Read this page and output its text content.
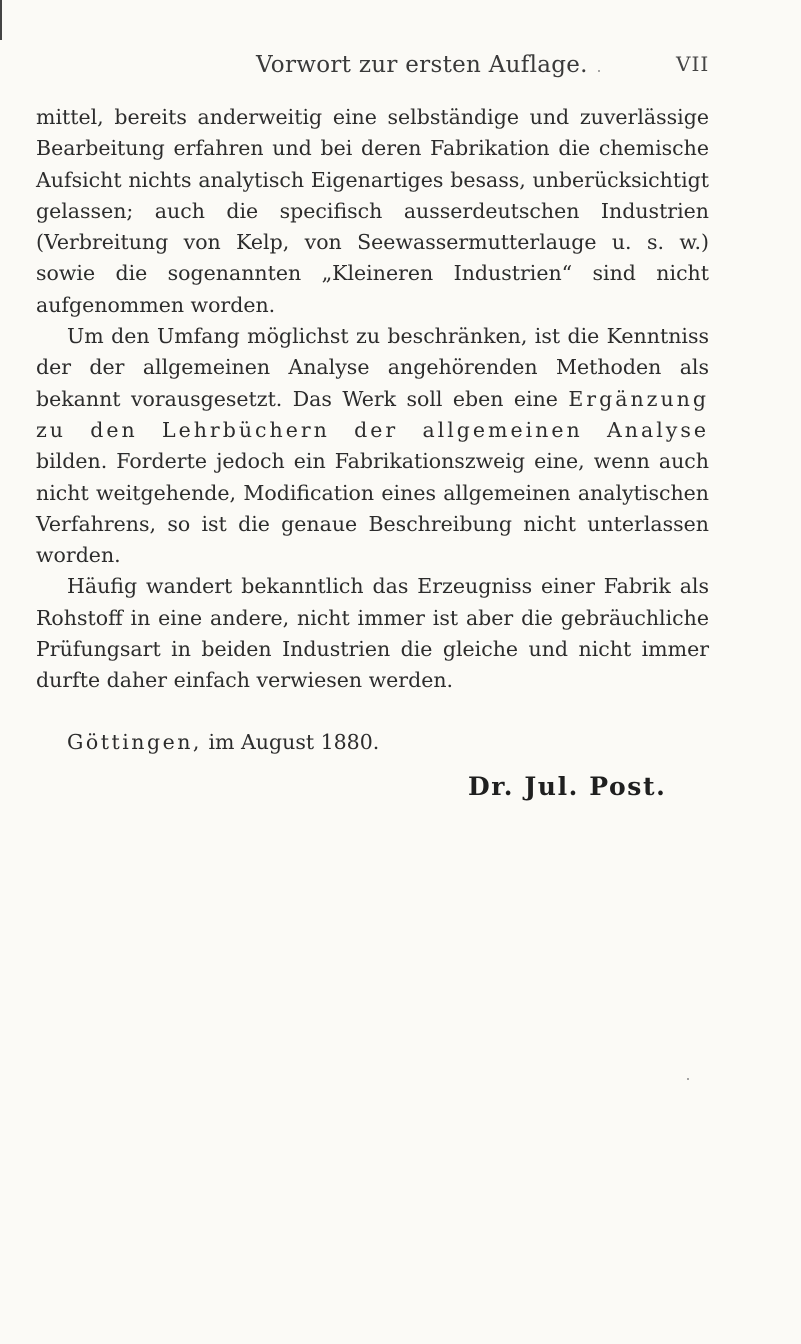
Vorwort zur ersten Auflage.	VII

mittel, bereits anderweitig eine selbständige und zuverlässige Bearbeitung erfahren und bei deren Fabrikation die chemische Aufsicht nichts analytisch Eigenartiges besass, unberücksichtigt gelassen; auch die specifisch ausserdeutschen Industrien (Verbreitung von Kelp, von Seewassermutterlauge u. s. w.) sowie die sogenannten „Kleineren Industrien“ sind nicht aufgenommen worden.

Um den Umfang möglichst zu beschränken, ist die Kenntniss der der allgemeinen Analyse angehörenden Methoden als bekannt vorausgesetzt. Das Werk soll eben eine Ergänzung zu den Lehrbüchern der allgemeinen Analyse bilden. Forderte jedoch ein Fabrikationszweig eine, wenn auch nicht weitgehende, Modification eines allgemeinen analytischen Verfahrens, so ist die genaue Beschreibung nicht unterlassen worden.

Häufig wandert bekanntlich das Erzeugniss einer Fabrik als Rohstoff in eine andere, nicht immer ist aber die gebräuchliche Prüfungsart in beiden Industrien die gleiche und nicht immer durfte daher einfach verwiesen werden.

Göttingen, im August 1880.
Dr. Jul. Post.
